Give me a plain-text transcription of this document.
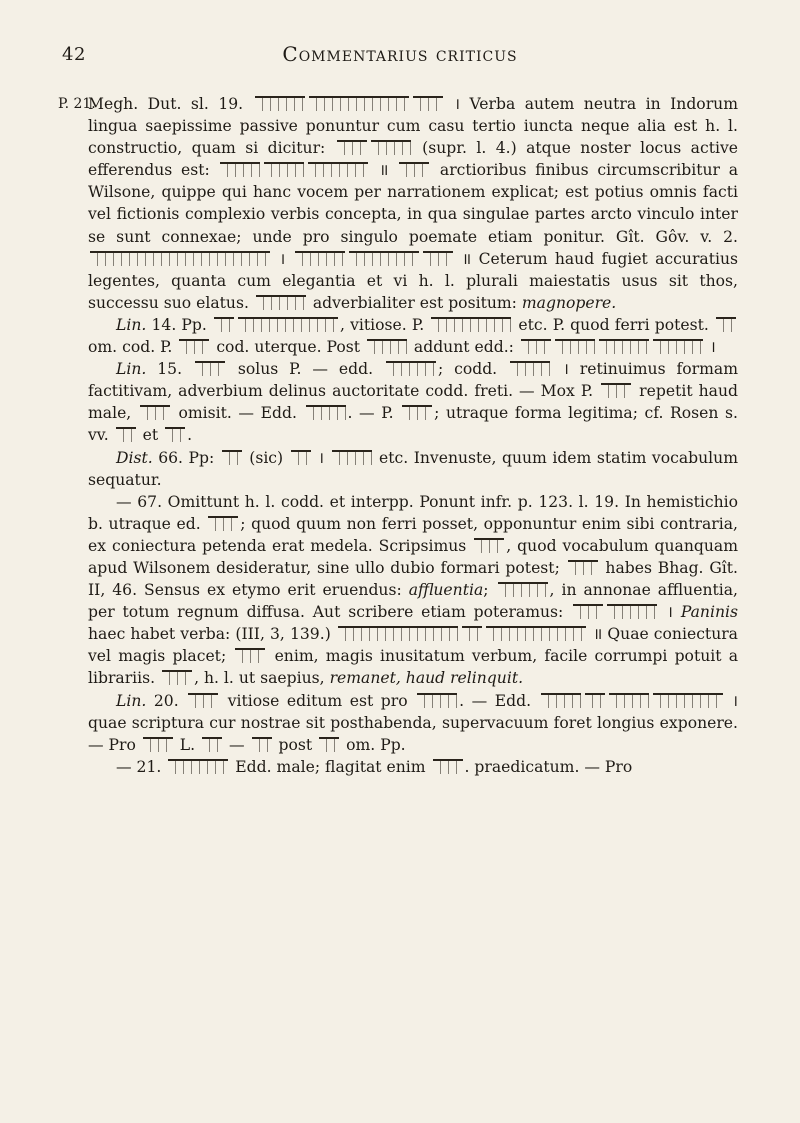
42	Commentarius criticus
P. 21.

Megh. Dut. sl. 19.	। Verba autem neutra in Indorum lingua saepissime passive ponuntur cum casu tertio iuncta neque alia est h. l. constructio, quam si dicitur:	(supr. l. 4.) atque noster locus active efferendus est:	॥  arctioribus finibus circumscribitur a Wilsone, quippe qui hanc vocem per narrationem explicat; est potius omnis facti vel fictionis complexio verbis concepta, in qua singulae partes arcto vinculo inter se sunt connexae; unde pro singulo poemate etiam ponitur. Gît. Gôv. v. 2.  ।	॥ Ceterum haud fugiet accuratius legentes, quanta cum elegantia et vi h. l. plurali maiestatis usus sit thos, successu suo elatus.	adverbialiter est positum: magnopere.

Lin. 14. Pp.	, vitiose. P.	etc. P. quod ferri potest.  om. cod. P.  cod. uterque. Post	addunt edd.:	।

Lin. 15.  solus P. — edd.	; codd.	। retinuimus formam factitivam, adverbium delinus auctoritate codd. freti. — Mox P.  repetit haud male,  omisit. — Edd.	. — P. ; utraque forma legitima; cf. Rosen s. vv.  et .

Dist. 66. Pp:  (sic)  ।	etc. Invenuste, quum idem statim vocabulum sequatur.

— 67. Omittunt h. l. codd. et interpp. Ponunt infr. p. 123. l. 19. In hemistichio b. utraque ed. ; quod quum non ferri posset, opponuntur enim sibi contraria, ex coniectura petenda erat medela. Scripsimus , quod vocabulum quanquam apud Wilsonem desideratur, sine ullo dubio formari potest;  habes Bhag. Gît. II, 46. Sensus ex etymo erit eruendus: affluentia;	, in annonae affluentia, per totum regnum diffusa. Aut scribere etiam poteramus:	। Paninis haec habet verba: (III, 3, 139.)	॥ Quae coniectura vel magis placet;  enim, magis inusitatum verbum, facile corrumpi potuit a librariis. , h. l. ut saepius, remanet, haud relinquit.

Lin. 20.  vitiose editum est pro	. — Edd.	। quae scriptura cur nostrae sit posthabenda, supervacuum foret longius exponere. — Pro  L.  —  post  om. Pp.

— 21.	Edd. male; flagitat enim . praedicatum. — Pro
